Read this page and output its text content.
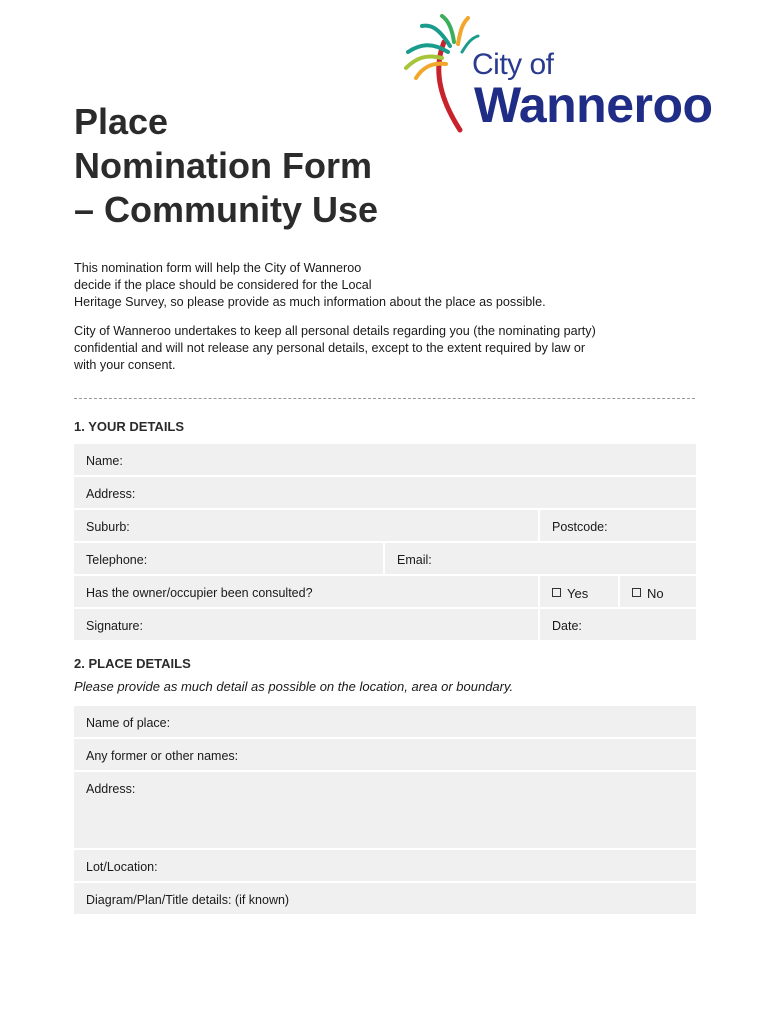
City of
Wanneroo
Place
Nomination Form
– Community Use

This nomination form will help the City of Wanneroo
decide if the place should be considered for the Local
Heritage Survey, so please provide as much information about the place as possible.

City of Wanneroo undertakes to keep all personal details regarding you (the nominating party)
confidential and will not release any personal details, except to the extent required by law or
with your consent.

1. YOUR DETAILS
Name:
Address:
Suburb:	Postcode:
Telephone:	Email:
Has the owner/occupier been consulted?	Yes	No
Signature:	Date:
2. PLACE DETAILS
Please provide as much detail as possible on the location, area or boundary.
Name of place:
Any former or other names:
Address:
Lot/Location:
Diagram/Plan/Title details: (if known)
